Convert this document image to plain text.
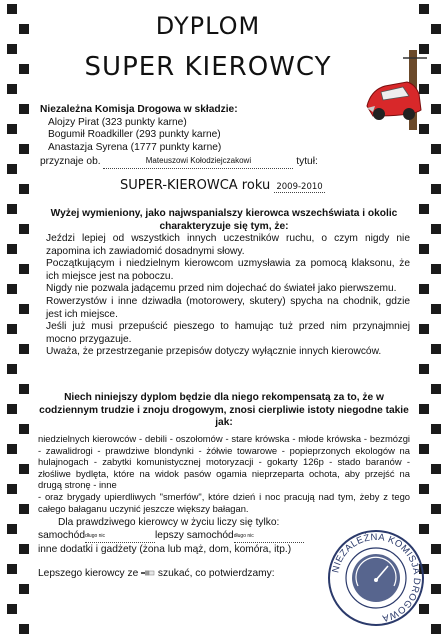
DYPLOM
SUPER KIEROWCY
Niezależna Komisja Drogowa w składzie:
Alojzy Pirat (323 punkty karne)
Bogumił Roadkiller (293 punkty karne)
Anastazja Syrena (1777 punkty karne)
przyznaje ob.	Mateuszowi Kołodziejczakowi	tytuł:
SUPER-KIEROWCA roku 2009-2010
Wyżej wymieniony, jako najwspanialszy kierowca wszechświata i okolic charakteryzuje się tym, że:

Jeździ lepiej od wszystkich innych uczestników ruchu, o czym nigdy nie zapomina ich zawiadomić dosadnymi słowy.

Początkującym i niedzielnym kierowcom uzmysławia za pomocą klaksonu, że ich miejsce jest na poboczu.

Nigdy nie pozwala jadącemu przed nim dojechać do świateł jako pierwszemu.

Rowerzystów i inne dziwadła (motorowery, skutery) spycha na chodnik, gdzie jest ich miejsce.

Jeśli już musi przepuścić pieszego to hamując tuż przed nim przynajmniej mocno przygazuje.

Uważa, że przestrzeganie przepisów dotyczy wyłącznie innych kierowców.

Niech niniejszy dyplom będzie dla niego rekompensatą za to, że w codziennym trudzie i znoju drogowym, znosi cierpliwie istoty niegodne takie jak:
niedzielnych kierowców - debili - oszołomów - stare krówska - młode krówska - bezmózgi - zawalidrogi - prawdziwe blondynki - żółwie towarowe - popieprzonych ekologów na hulajnogach - zabytki komunistycznej motoryzacji - gokarty 126p - stado baranów - złośliwe bydlęta, które na widok pasów ogamia nieprzeparta ochota, aby przejść na drugą stronę - inne
- oraz brygady upierdliwych "smerfów", które dzień i noc pracują nad tym, żeby z tego całego bałaganu uczynić jeszcze większy bałagan.
Dla prawdziwego kierowcy w życiu liczy się tylko:
samochóddługo nic	lepszy samochóddługo nic
inne dodatki i gadżety (żona lub mąż, dom, komóra, itp.)
Lepszego kierowcy ze szukać, co potwierdzamy:	NIEZALEŻNA KOMISJA DROGOWA
